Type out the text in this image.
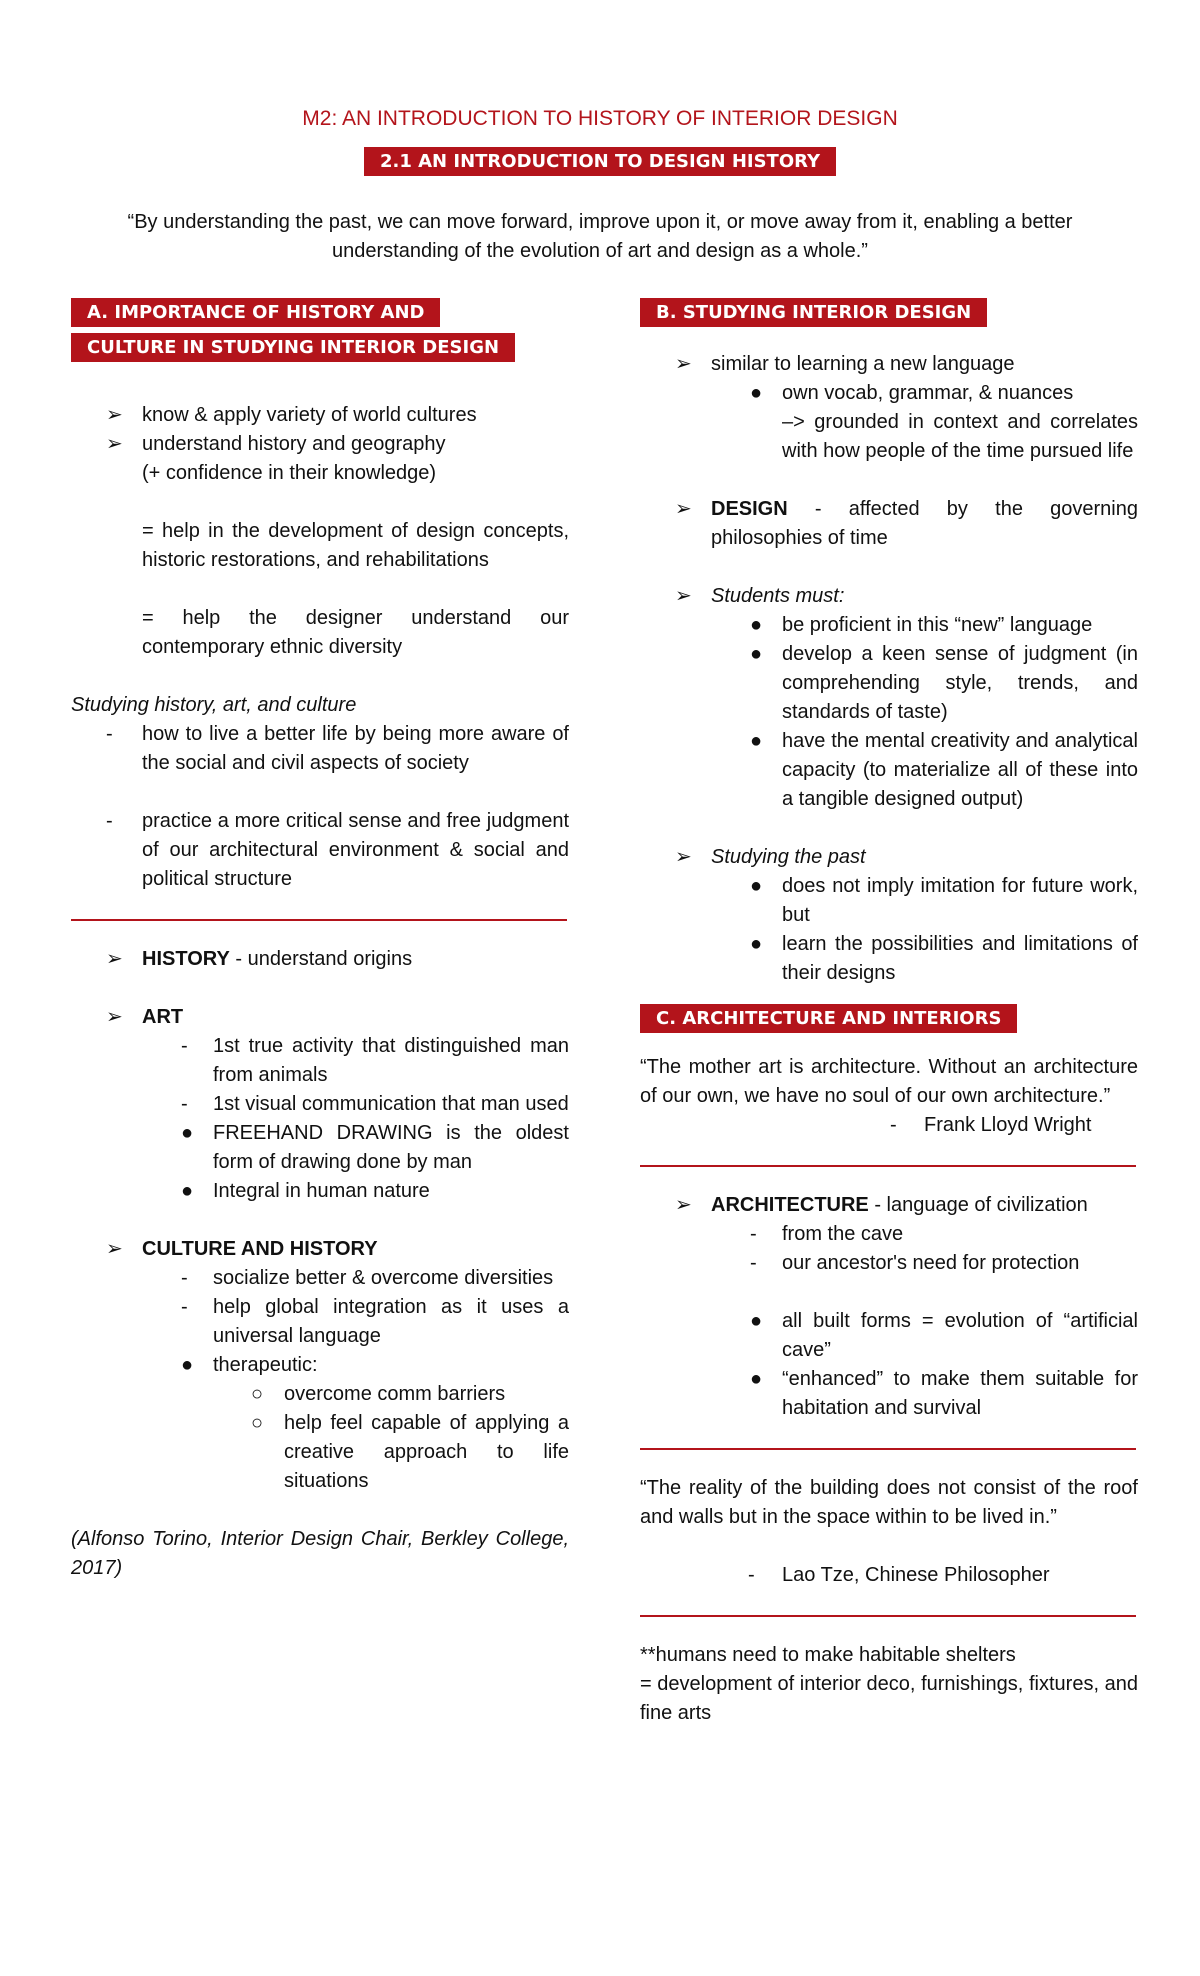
M2: AN INTRODUCTION TO HISTORY OF INTERIOR DESIGN
2.1 AN INTRODUCTION TO DESIGN HISTORY
“By understanding the past, we can move forward, improve upon it, or move away from it, enabling a better understanding of the evolution of art and design as a whole.”
A. IMPORTANCE OF HISTORY AND
CULTURE IN STUDYING INTERIOR DESIGN
➢ know & apply variety of world cultures
➢ understand history and geography
(+ confidence in their knowledge)
= help in the development of design concepts, historic restorations, and rehabilitations
= help the designer understand our contemporary ethnic diversity
Studying history, art, and culture
- how to live a better life by being more aware of the social and civil aspects of society
- practice a more critical sense and free judgment of our architectural environment & social and political structure
➢ HISTORY - understand origins
➢ ART
- 1st true activity that distinguished man from animals
- 1st visual communication that man used
● FREEHAND DRAWING is the oldest form of drawing done by man
● Integral in human nature
➢ CULTURE AND HISTORY
- socialize better & overcome diversities
- help global integration as it uses a universal language
● therapeutic:
○ overcome comm barriers
○ help feel capable of applying a creative approach to life situations
(Alfonso Torino, Interior Design Chair, Berkley College, 2017)
B. STUDYING INTERIOR DESIGN
➢ similar to learning a new language
● own vocab, grammar, & nuances
–> grounded in context and correlates with how people of the time pursued life
➢ DESIGN - affected by the governing philosophies of time
➢ Students must:
● be proficient in this “new” language
● develop a keen sense of judgment (in comprehending style, trends, and standards of taste)
● have the mental creativity and analytical capacity (to materialize all of these into a tangible designed output)
➢ Studying the past
● does not imply imitation for future work, but
● learn the possibilities and limitations of their designs
C. ARCHITECTURE AND INTERIORS
“The mother art is architecture. Without an architecture of our own, we have no soul of our own architecture.”
- Frank Lloyd Wright
➢ ARCHITECTURE - language of civilization
- from the cave
- our ancestor's need for protection
● all built forms = evolution of “artificial cave”
● “enhanced” to make them suitable for habitation and survival
“The reality of the building does not consist of the roof and walls but in the space within to be lived in.”
- Lao Tze, Chinese Philosopher
**humans need to make habitable shelters
= development of interior deco, furnishings, fixtures, and fine arts
